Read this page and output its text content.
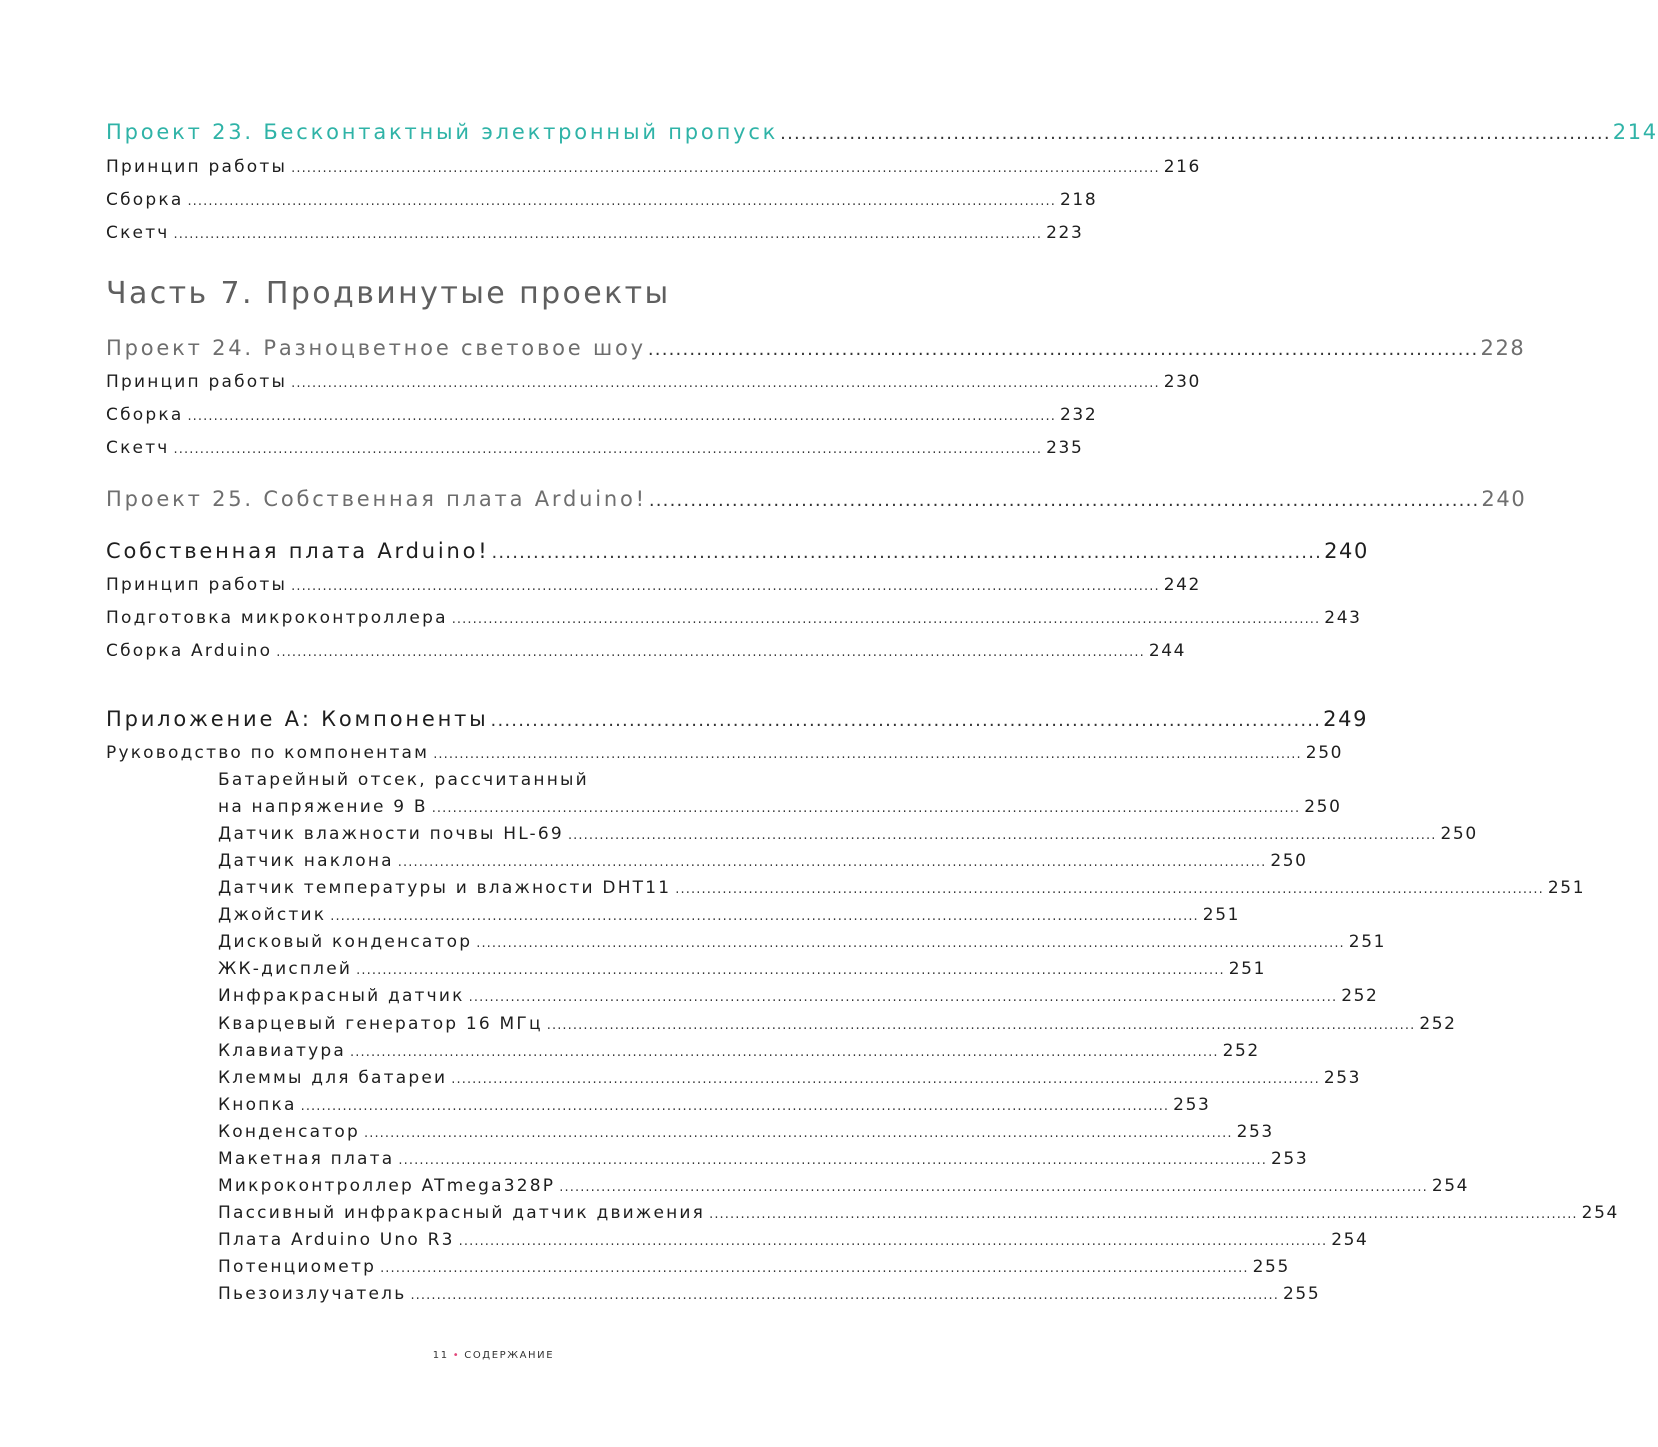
Проект 23. Бесконтактный электронный пропуск ........................................................................................................................ 214
Принцип работы ...................................................................................................................................................................... 216
Сборка ...................................................................................................................................................................... 218
Скетч ...................................................................................................................................................................... 223
Часть 7. Продвинутые проекты
Проект 24. Разноцветное световое шоу ........................................................................................................................ 228
Принцип работы ...................................................................................................................................................................... 230
Сборка ...................................................................................................................................................................... 232
Скетч ...................................................................................................................................................................... 235
Проект 25. Собственная плата Arduino! ........................................................................................................................ 240
Собственная плата Arduino! ........................................................................................................................ 240
Принцип работы ...................................................................................................................................................................... 242
Подготовка микроконтроллера ...................................................................................................................................................................... 243
Сборка Arduino ...................................................................................................................................................................... 244
Приложение А: Компоненты ........................................................................................................................ 249
Руководство по компонентам ...................................................................................................................................................................... 250
Батарейный отсек, рассчитанный
на напряжение 9 В ...................................................................................................................................................................... 250
Датчик влажности почвы HL-69 ...................................................................................................................................................................... 250
Датчик наклона ...................................................................................................................................................................... 250
Датчик температуры и влажности DHT11 ...................................................................................................................................................................... 251
Джойстик ...................................................................................................................................................................... 251
Дисковый конденсатор ...................................................................................................................................................................... 251
ЖК-дисплей ...................................................................................................................................................................... 251
Инфракрасный датчик ...................................................................................................................................................................... 252
Кварцевый генератор 16 МГц ...................................................................................................................................................................... 252
Клавиатура ...................................................................................................................................................................... 252
Клеммы для батареи ...................................................................................................................................................................... 253
Кнопка ...................................................................................................................................................................... 253
Конденсатор ...................................................................................................................................................................... 253
Макетная плата ...................................................................................................................................................................... 253
Микроконтроллер ATmega328P ...................................................................................................................................................................... 254
Пассивный инфракрасный датчик движения ...................................................................................................................................................................... 254
Плата Arduino Uno R3 ...................................................................................................................................................................... 254
Потенциометр ...................................................................................................................................................................... 255
Пьезоизлучатель ...................................................................................................................................................................... 255
11 • СОДЕРЖАНИЕ
